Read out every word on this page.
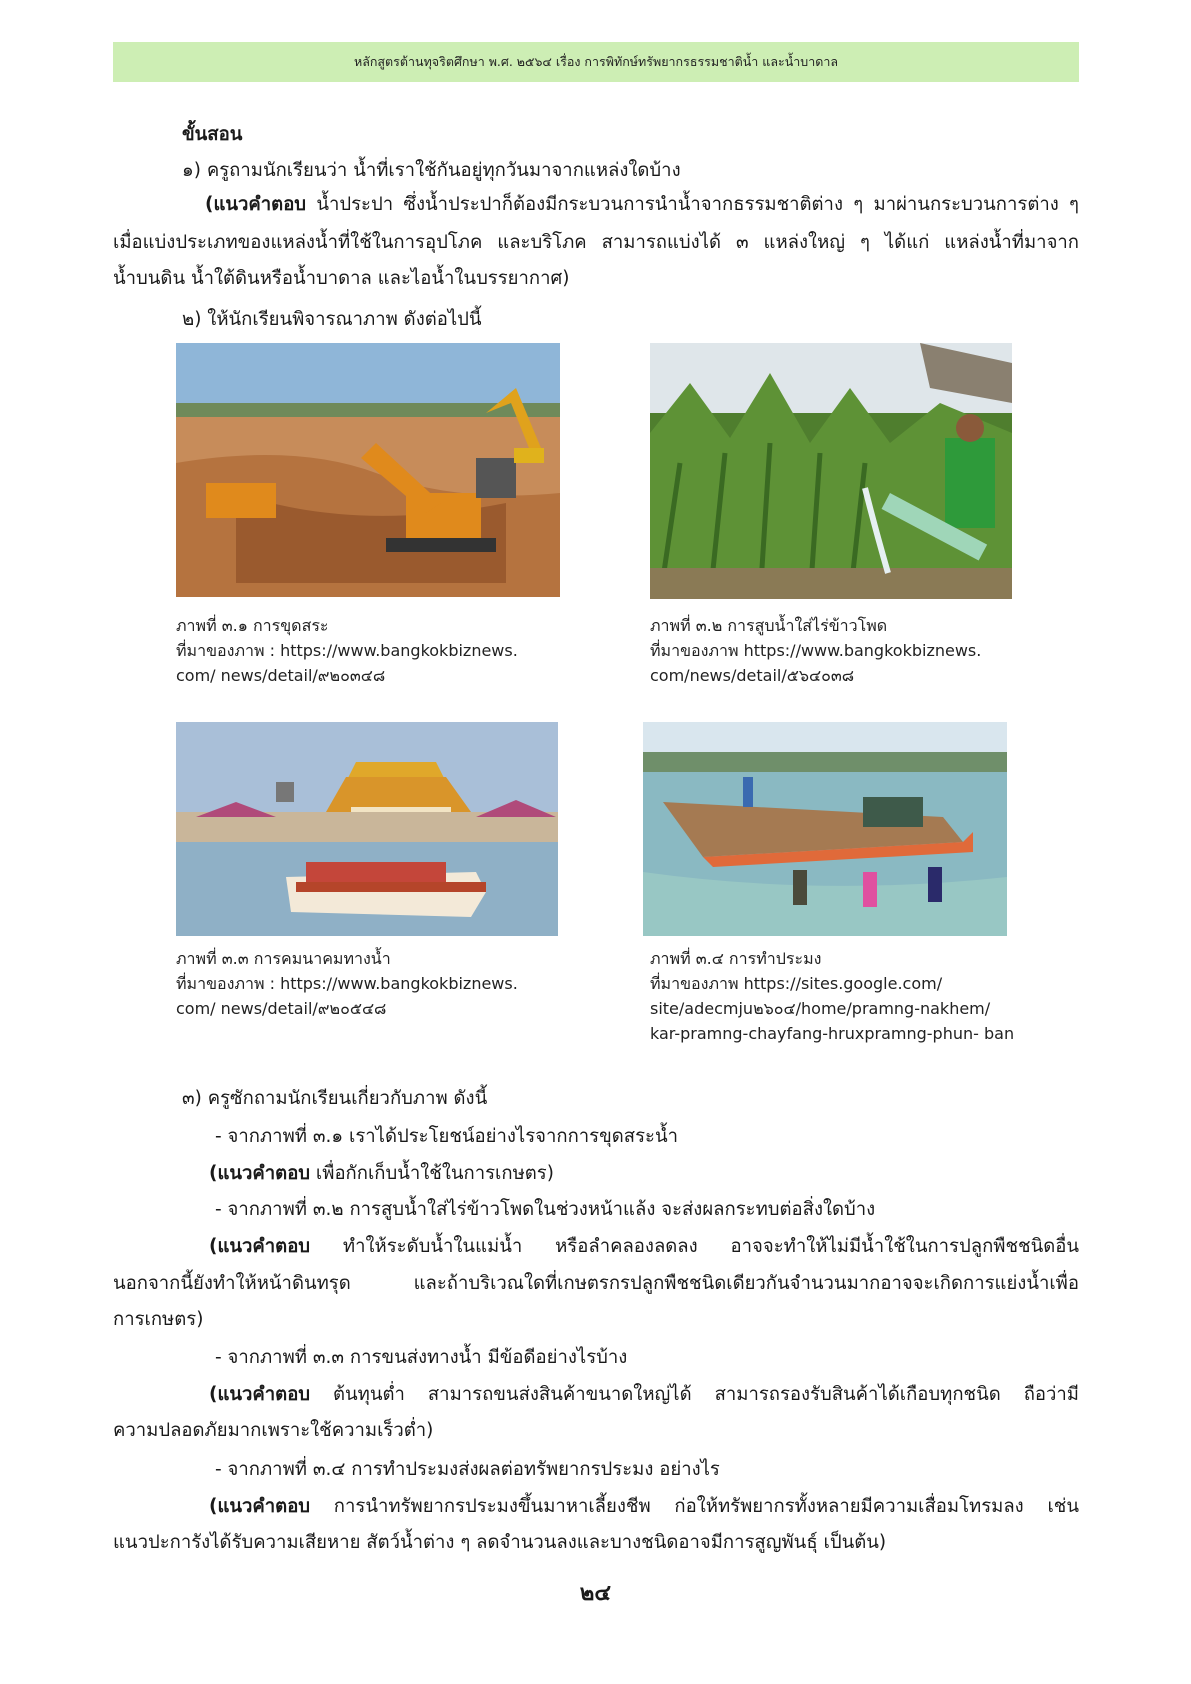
หลักสูตรต้านทุจริตศึกษา พ.ศ. ๒๕๖๔ เรื่อง การพิทักษ์ทรัพยากรธรรมชาติน้ำ และน้ำบาดาล
ขั้นสอน
๑) ครูถามนักเรียนว่า น้ำที่เราใช้กันอยู่ทุกวันมาจากแหล่งใดบ้าง
(แนวคำตอบ น้ำประปา ซึ่งน้ำประปาก็ต้องมีกระบวนการนำน้ำจากธรรมชาติต่าง ๆ มาผ่านกระบวนการต่าง ๆ
เมื่อแบ่งประเภทของแหล่งน้ำที่ใช้ในการอุปโภค และบริโภค สามารถแบ่งได้ ๓ แหล่งใหญ่ ๆ ได้แก่ แหล่งน้ำที่มาจาก
น้ำบนดิน น้ำใต้ดินหรือน้ำบาดาล และไอน้ำในบรรยากาศ)
๒) ให้นักเรียนพิจารณาภาพ ดังต่อไปนี้
ภาพที่ ๓.๑ การขุดสระ
ที่มาของภาพ : https://www.bangkokbiznews.
com/ news/detail/๙๒๐๓๔๘
ภาพที่ ๓.๒ การสูบน้ำใส่ไร่ข้าวโพด
ที่มาของภาพ https://www.bangkokbiznews.
com/news/detail/๕๖๔๐๓๘
ภาพที่ ๓.๓ การคมนาคมทางน้ำ
ที่มาของภาพ : https://www.bangkokbiznews.
com/ news/detail/๙๒๐๕๔๘
ภาพที่ ๓.๔ การทำประมง
ที่มาของภาพ https://sites.google.com/
site/adecmju๒๖๐๔/home/pramng-nakhem/
kar-pramng-chayfang-hruxpramng-phun- ban
๓) ครูซักถามนักเรียนเกี่ยวกับภาพ ดังนี้
- จากภาพที่ ๓.๑ เราได้ประโยชน์อย่างไรจากการขุดสระน้ำ
(แนวคำตอบ เพื่อกักเก็บน้ำใช้ในการเกษตร)
- จากภาพที่ ๓.๒ การสูบน้ำใส่ไร่ข้าวโพดในช่วงหน้าแล้ง จะส่งผลกระทบต่อสิ่งใดบ้าง
(แนวคำตอบ ทำให้ระดับน้ำในแม่น้ำ หรือลำคลองลดลง อาจจะทำให้ไม่มีน้ำใช้ในการปลูกพืชชนิดอื่น
นอกจากนี้ยังทำให้หน้าดินทรุด และถ้าบริเวณใดที่เกษตรกรปลูกพืชชนิดเดียวกันจำนวนมากอาจจะเกิดการแย่งน้ำเพื่อ
การเกษตร)
- จากภาพที่ ๓.๓ การขนส่งทางน้ำ มีข้อดีอย่างไรบ้าง
(แนวคำตอบ ต้นทุนต่ำ สามารถขนส่งสินค้าขนาดใหญ่ได้ สามารถรองรับสินค้าได้เกือบทุกชนิด ถือว่ามี
ความปลอดภัยมากเพราะใช้ความเร็วต่ำ)
- จากภาพที่ ๓.๔ การทำประมงส่งผลต่อทรัพยากรประมง อย่างไร
(แนวคำตอบ การนำทรัพยากรประมงขึ้นมาหาเลี้ยงชีพ ก่อให้ทรัพยากรทั้งหลายมีความเสื่อมโทรมลง เช่น
แนวปะการังได้รับความเสียหาย สัตว์น้ำต่าง ๆ ลดจำนวนลงและบางชนิดอาจมีการสูญพันธุ์ เป็นต้น)
๒๔
